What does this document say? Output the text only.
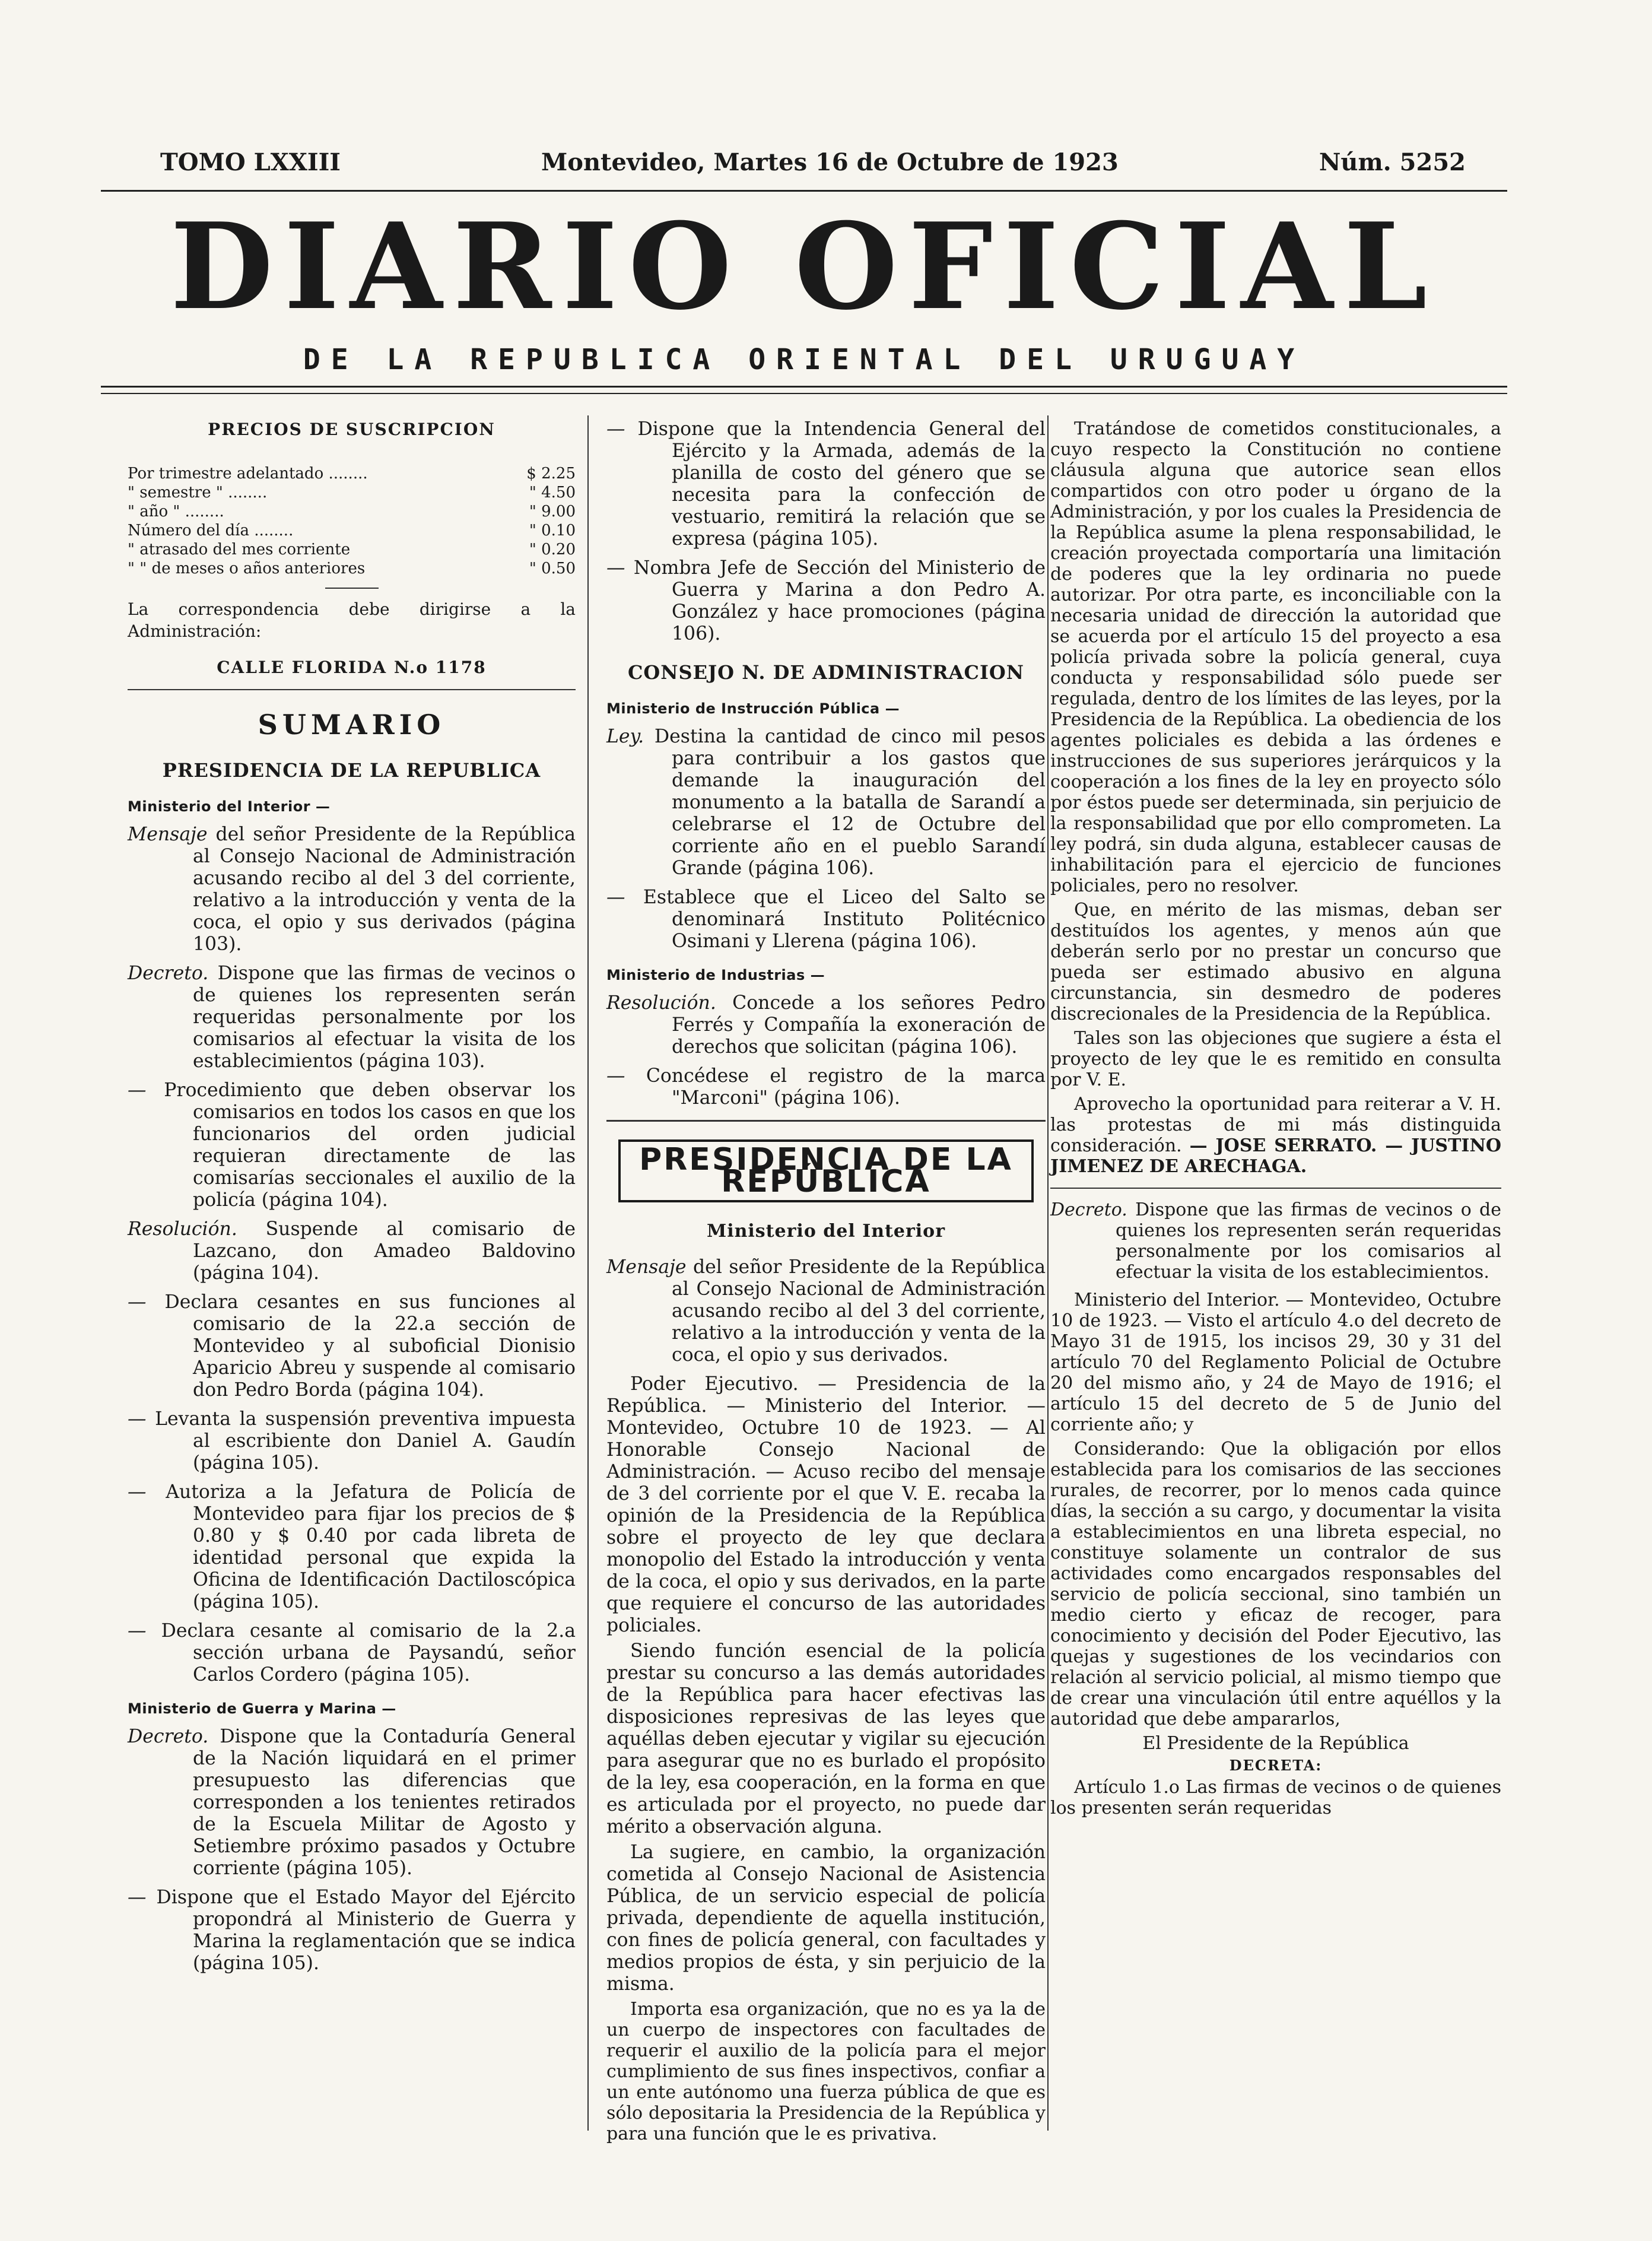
TOMO LXXIII	Montevideo, Martes 16 de Octubre de 1923	Núm. 5252
DIARIO OFICIAL
DE LA REPUBLICA ORIENTAL DEL URUGUAY
PRECIOS DE SUSCRIPCION
Por trimestre adelantado ........	$ 2.25
" semestre " ........	" 4.50
" año " ........	" 9.00
Número del día ........	" 0.10
" atrasado del mes corriente	" 0.20
" " de meses o años anteriores	" 0.50

La correspondencia debe dirigirse a la Administración:

CALLE FLORIDA N.o 1178

SUMARIO
PRESIDENCIA DE LA REPUBLICA
Ministerio del Interior —

Mensaje del señor Presidente de la República al Consejo Nacional de Administración acusando recibo al del 3 del corriente, relativo a la introducción y venta de la coca, el opio y sus derivados (página 103).

Decreto. Dispone que las firmas de vecinos o de quienes los representen serán requeridas personalmente por los comisarios al efectuar la visita de los establecimientos (página 103).

— Procedimiento que deben observar los comisarios en todos los casos en que los funcionarios del orden judicial requieran directamente de las comisarías seccionales el auxilio de la policía (página 104).

Resolución. Suspende al comisario de Lazcano, don Amadeo Baldovino (página 104).

— Declara cesantes en sus funciones al comisario de la 22.a sección de Montevideo y al suboficial Dionisio Aparicio Abreu y suspende al comisario don Pedro Borda (página 104).

— Levanta la suspensión preventiva impuesta al escribiente don Daniel A. Gaudín (página 105).

— Autoriza a la Jefatura de Policía de Montevideo para fijar los precios de $ 0.80 y $ 0.40 por cada libreta de identidad personal que expida la Oficina de Identificación Dactiloscópica (página 105).

— Declara cesante al comisario de la 2.a sección urbana de Paysandú, señor Carlos Cordero (página 105).

Ministerio de Guerra y Marina —

Decreto. Dispone que la Contaduría General de la Nación liquidará en el primer presupuesto las diferencias que corresponden a los tenientes retirados de la Escuela Militar de Agosto y Setiembre próximo pasados y Octubre corriente (página 105).

— Dispone que el Estado Mayor del Ejército propondrá al Ministerio de Guerra y Marina la reglamentación que se indica (página 105).

— Dispone que la Intendencia General del Ejército y la Armada, además de la planilla de costo del género que se necesita para la confección de vestuario, remitirá la relación que se expresa (página 105).

— Nombra Jefe de Sección del Ministerio de Guerra y Marina a don Pedro A. González y hace promociones (página 106).

CONSEJO N. DE ADMINISTRACION
Ministerio de Instrucción Pública —

Ley. Destina la cantidad de cinco mil pesos para contribuir a los gastos que demande la inauguración del monumento a la batalla de Sarandí a celebrarse el 12 de Octubre del corriente año en el pueblo Sarandí Grande (página 106).

— Establece que el Liceo del Salto se denominará Instituto Politécnico Osimani y Llerena (página 106).

Ministerio de Industrias —

Resolución. Concede a los señores Pedro Ferrés y Compañía la exoneración de derechos que solicitan (página 106).

— Concédese el registro de la marca "Marconi" (página 106).

PRESIDENCIA DE LA REPÚBLICA
Ministerio del Interior

Mensaje del señor Presidente de la República al Consejo Nacional de Administración acusando recibo al del 3 del corriente, relativo a la introducción y venta de la coca, el opio y sus derivados.

Poder Ejecutivo. — Presidencia de la República. — Ministerio del Interior. — Montevideo, Octubre 10 de 1923. — Al Honorable Consejo Nacional de Administración. — Acuso recibo del mensaje de 3 del corriente por el que V. E. recaba la opinión de la Presidencia de la República sobre el proyecto de ley que declara monopolio del Estado la introducción y venta de la coca, el opio y sus derivados, en la parte que requiere el concurso de las autoridades policiales.

Siendo función esencial de la policía prestar su concurso a las demás autoridades de la República para hacer efectivas las disposiciones represivas de las leyes que aquéllas deben ejecutar y vigilar su ejecución para asegurar que no es burlado el propósito de la ley, esa cooperación, en la forma en que es articulada por el proyecto, no puede dar mérito a observación alguna.

La sugiere, en cambio, la organización cometida al Consejo Nacional de Asistencia Pública, de un servicio especial de policía privada, dependiente de aquella institución, con fines de policía general, con facultades y medios propios de ésta, y sin perjuicio de la misma.

Importa esa organización, que no es ya la de un cuerpo de inspectores con facultades de requerir el auxilio de la policía para el mejor cumplimiento de sus fines inspectivos, confiar a un ente autónomo una fuerza pública de que es sólo depositaria la Presidencia de la República y para una función que le es privativa.

Tratándose de cometidos constitucionales, a cuyo respecto la Constitución no contiene cláusula alguna que autorice sean ellos compartidos con otro poder u órgano de la Administración, y por los cuales la Presidencia de la República asume la plena responsabilidad, le creación proyectada comportaría una limitación de poderes que la ley ordinaria no puede autorizar. Por otra parte, es inconciliable con la necesaria unidad de dirección la autoridad que se acuerda por el artículo 15 del proyecto a esa policía privada sobre la policía general, cuya conducta y responsabilidad sólo puede ser regulada, dentro de los límites de las leyes, por la Presidencia de la República. La obediencia de los agentes policiales es debida a las órdenes e instrucciones de sus superiores jerárquicos y la cooperación a los fines de la ley en proyecto sólo por éstos puede ser determinada, sin perjuicio de la responsabilidad que por ello comprometen. La ley podrá, sin duda alguna, establecer causas de inhabilitación para el ejercicio de funciones policiales, pero no resolver.

Que, en mérito de las mismas, deban ser destituídos los agentes, y menos aún que deberán serlo por no prestar un concurso que pueda ser estimado abusivo en alguna circunstancia, sin desmedro de poderes discrecionales de la Presidencia de la República.

Tales son las objeciones que sugiere a ésta el proyecto de ley que le es remitido en consulta por V. E.

Aprovecho la oportunidad para reiterar a V. H. las protestas de mi más distinguida consideración. — JOSE SERRATO. — JUSTINO JIMENEZ DE ARECHAGA.

Decreto. Dispone que las firmas de vecinos o de quienes los representen serán requeridas personalmente por los comisarios al efectuar la visita de los establecimientos.

Ministerio del Interior. — Montevideo, Octubre 10 de 1923. — Visto el artículo 4.o del decreto de Mayo 31 de 1915, los incisos 29, 30 y 31 del artículo 70 del Reglamento Policial de Octubre 20 del mismo año, y 24 de Mayo de 1916; el artículo 15 del decreto de 5 de Junio del corriente año; y

Considerando: Que la obligación por ellos establecida para los comisarios de las secciones rurales, de recorrer, por lo menos cada quince días, la sección a su cargo, y documentar la visita a establecimientos en una libreta especial, no constituye solamente un contralor de sus actividades como encargados responsables del servicio de policía seccional, sino también un medio cierto y eficaz de recoger, para conocimiento y decisión del Poder Ejecutivo, las quejas y sugestiones de los vecindarios con relación al servicio policial, al mismo tiempo que de crear una vinculación útil entre aquéllos y la autoridad que debe ampararlos,

El Presidente de la República

DECRETA:

Artículo 1.o Las firmas de vecinos o de quienes los presenten serán requeridas
